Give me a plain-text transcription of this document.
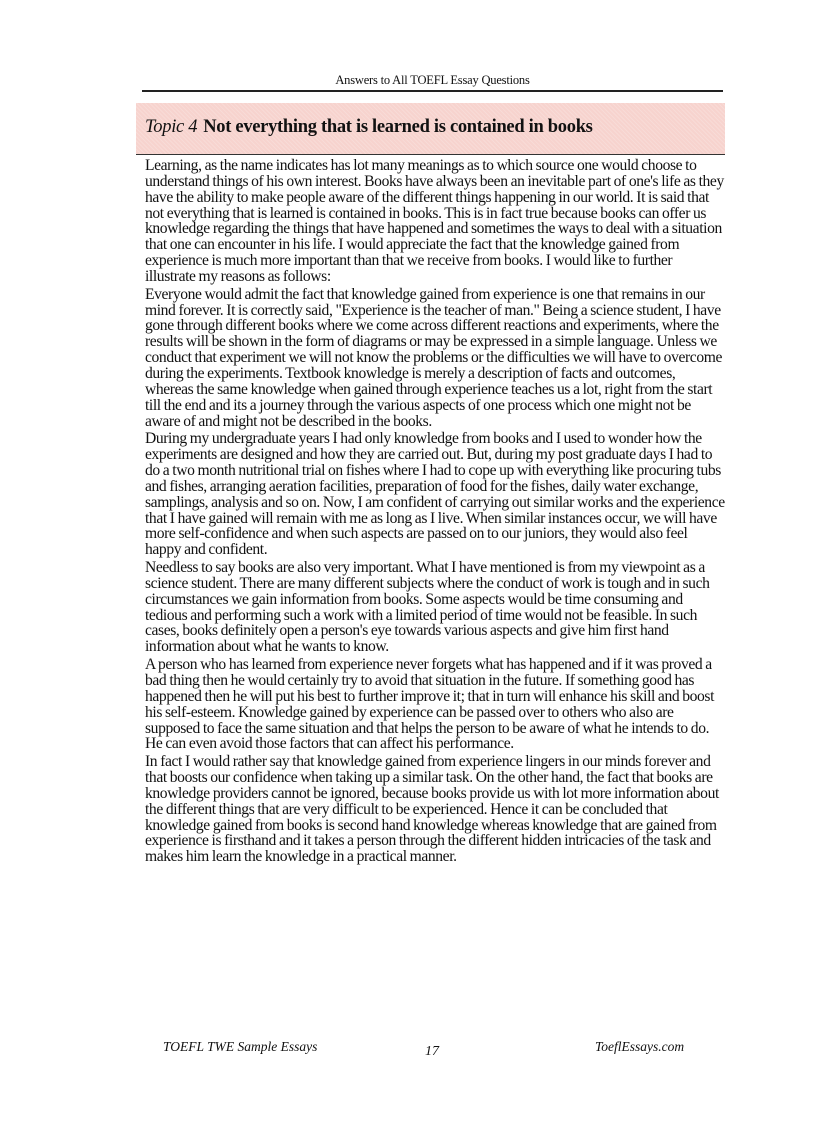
Answers to All TOEFL Essay Questions
Topic 4 Not everything that is learned is contained in books

Learning, as the name indicates has lot many meanings as to which source one would choose to understand things of his own interest. Books have always been an inevitable part of one's life as they have the ability to make people aware of the different things happening in our world. It is said that not everything that is learned is contained in books. This is in fact true because books can offer us knowledge regarding the things that have happened and sometimes the ways to deal with a situation that one can encounter in his life. I would appreciate the fact that the knowledge gained from experience is much more important than that we receive from books. I would like to further illustrate my reasons as follows:

Everyone would admit the fact that knowledge gained from experience is one that remains in our mind forever. It is correctly said, "Experience is the teacher of man." Being a science student, I have gone through different books where we come across different reactions and experiments, where the results will be shown in the form of diagrams or may be expressed in a simple language. Unless we conduct that experiment we will not know the problems or the difficulties we will have to overcome during the experiments. Textbook knowledge is merely a description of facts and outcomes, whereas the same knowledge when gained through experience teaches us a lot, right from the start till the end and its a journey through the various aspects of one process which one might not be aware of and might not be described in the books.

During my undergraduate years I had only knowledge from books and I used to wonder how the experiments are designed and how they are carried out. But, during my post graduate days I had to do a two month nutritional trial on fishes where I had to cope up with everything like procuring tubs and fishes, arranging aeration facilities, preparation of food for the fishes, daily water exchange, samplings, analysis and so on. Now, I am confident of carrying out similar works and the experience that I have gained will remain with me as long as I live. When similar instances occur, we will have more self-confidence and when such aspects are passed on to our juniors, they would also feel happy and confident.

Needless to say books are also very important. What I have mentioned is from my viewpoint as a science student. There are many different subjects where the conduct of work is tough and in such circumstances we gain information from books. Some aspects would be time consuming and tedious and performing such a work with a limited period of time would not be feasible. In such cases, books definitely open a person's eye towards various aspects and give him first hand information about what he wants to know.

A person who has learned from experience never forgets what has happened and if it was proved a bad thing then he would certainly try to avoid that situation in the future. If something good has happened then he will put his best to further improve it; that in turn will enhance his skill and boost his self-esteem. Knowledge gained by experience can be passed over to others who also are supposed to face the same situation and that helps the person to be aware of what he intends to do. He can even avoid those factors that can affect his performance.

In fact I would rather say that knowledge gained from experience lingers in our minds forever and that boosts our confidence when taking up a similar task. On the other hand, the fact that books are knowledge providers cannot be ignored, because books provide us with lot more information about the different things that are very difficult to be experienced. Hence it can be concluded that knowledge gained from books is second hand knowledge whereas knowledge that are gained from experience is firsthand and it takes a person through the different hidden intricacies of the task and makes him learn the knowledge in a practical manner.

TOEFL TWE Sample Essays	17	ToeflEssays.com
